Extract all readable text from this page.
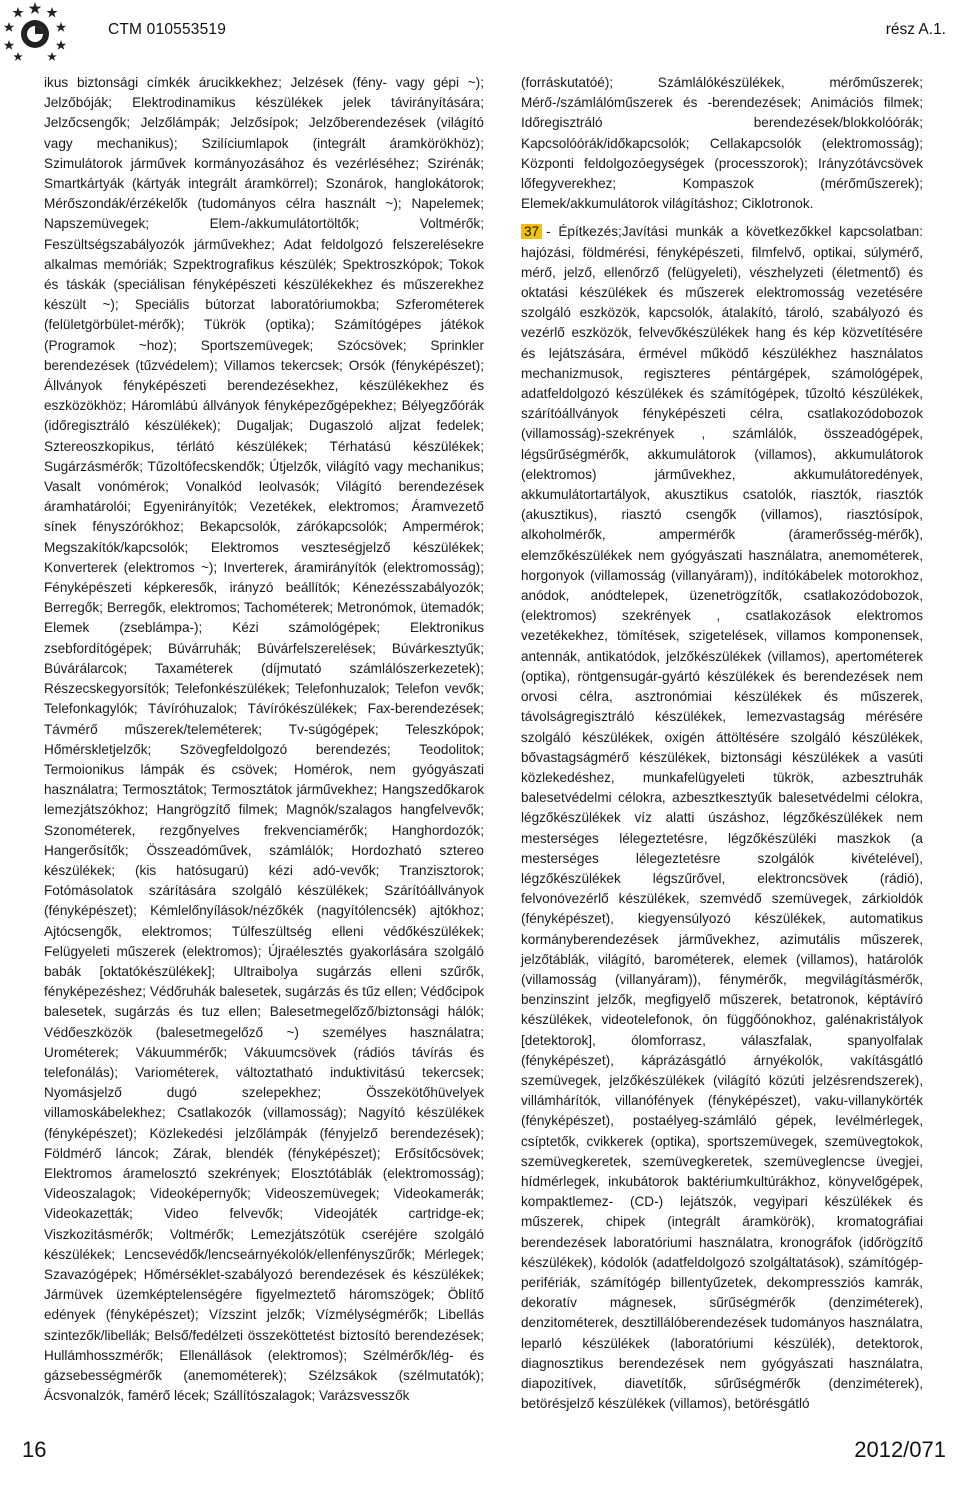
CTM 010553519	rész A.1.

ikus biztonsági címkék árucikkekhez; Jelzések (fény- vagy gépi ~); Jelzőbóják; Elektrodinamikus készülékek jelek távirányítására; Jelzőcsengők; Jelzőlámpák; Jelzősípok; Jelzőberendezések (világító vagy mechanikus); Szilíciumlapok (integrált áramkörökhöz); Szimulátorok járművek kormányozásához és vezérléséhez; Szirénák; Smartkártyák (kártyák integrált áramkörrel); Szonárok, hanglokátorok; Mérőszondák/érzékelők (tudományos célra használt ~); Napelemek; Napszemüvegek; Elem-/akkumulátortöltők; Voltmérők; Feszültségszabályozók járművekhez; Adat feldolgozó felszerelésekre alkalmas memóriák; Szpektrografikus készülék; Spektroszkópok; Tokok és táskák (speciálisan fényképészeti készülékekhez és műszerekhez készült ~); Speciális bútorzat laboratóriumokba; Szferométerek (felületgörbület-mérők); Tükrök (optika); Számítógépes játékok (Programok ~hoz); Sportszemüvegek; Szócsövek; Sprinkler berendezések (tűzvédelem); Villamos tekercsek; Orsók (fényképészet); Állványok fényképészeti berendezésekhez, készülékekhez és eszközökhöz; Háromlábú állványok fényképezőgépekhez; Bélyegzőórák (időregisztráló készülékek); Dugaljak; Dugaszoló aljzat fedelek; Sztereoszkopikus, térlátó készülékek; Térhatású készülékek; Sugárzásmérők; Tűzoltófecskendők; Útjelzők, világító vagy mechanikus; Vasalt vonómérok; Vonalkód leolvasók; Világító berendezések áramhatárolói; Egyenirányítók; Vezetékek, elektromos; Áramvezető sínek fényszórókhoz; Bekapcsolók, zárókapcsolók; Ampermérok; Megszakítók/kapcsolók; Elektromos veszteségjelző készülékek; Konverterek (elektromos ~); Inverterek, áramirányítók (elektromosság); Fényképészeti képkeresők, irányzó beállítók; Kénezésszabályozók; Berregők; Berregők, elektromos; Tachométerek; Metronómok, ütemadók; Elemek (zseblámpa-); Kézi számológépek; Elektronikus zsebfordítógépek; Búvárruhák; Búvárfelszerelések; Búvárkesztyűk; Búvárálarcok; Taxaméterek (díjmutató számlálószerkezetek); Részecskegyorsítók; Telefonkészülékek; Telefonhuzalok; Telefon vevők; Telefonkagylók; Távíróhuzalok; Távírókészülékek; Fax-berendezések; Távmérő műszerek/teleméterek; Tv-súgógépek; Teleszkópok; Hőmérskletjelzők; Szövegfeldolgozó berendezés; Teodolitok; Termoionikus lámpák és csövek; Homérok, nem gyógyászati használatra; Termosztátok; Termosztátok járművekhez; Hangszedőkarok lemezjátszókhoz; Hangrögzítő filmek; Magnók/szalagos hangfelvevők; Szonométerek, rezgőnyelves frekvenciamérők; Hanghordozók; Hangerősítők; Összeadóművek, számlálók; Hordozható sztereo készülékek; (kis hatósugarú) kézi adó-vevők; Tranzisztorok; Fotómásolatok szárítására szolgáló készülékek; Szárítóállványok (fényképészet); Kémlelőnyílások/nézőkék (nagyítólencsék) ajtókhoz; Ajtócsengők, elektromos; Túlfeszültség elleni védőkészülékek; Felügyeleti műszerek (elektromos); Újraélesztés gyakorlására szolgáló babák [oktatókészülékek]; Ultraibolya sugárzás elleni szűrők, fényképezéshez; Védőruhák balesetek, sugárzás és tűz ellen; Védőcipok balesetek, sugárzás és tuz ellen; Balesetmegelőző/biztonsági hálók; Védőeszközök (balesetmegelőző ~) személyes használatra; Urométerek; Vákuummérők; Vákuumcsövek (rádiós távírás és telefonálás); Variométerek, változtatható induktivitású tekercsek; Nyomásjelző dugó szelepekhez; Összekötőhüvelyek villamoskábelekhez; Csatlakozók (villamosság); Nagyító készülékek (fényképészet); Közlekedési jelzőlámpák (fényjelző berendezések); Földmérő láncok; Zárak, blendék (fényképészet); Erősítőcsövek; Elektromos áramelosztó szekrények; Elosztótáblák (elektromosság); Videoszalagok; Videoképernyők; Videoszemüvegek; Videokamerák; Videokazetták; Video felvevők; Videojáték cartridge-ek; Viszkozitásmérők; Voltmérők; Lemezjátszótük cseréjére szolgáló készülékek; Lencsevédők/lencseárnyékolók/ellenfényszűrők; Mérlegek; Szavazógépek; Hőmérséklet-szabályozó berendezések és készülékek; Jármüvek üzemképtelenségére figyelmeztető háromszögek; Öblítő edények (fényképészet); Vízszint jelzők; Vízmélységmérők; Libellás szintezők/libellák; Belső/fedélzeti összeköttetést biztosító berendezések; Hullámhosszmérők; Ellenállások (elektromos); Szélmérők/lég- és gázsebességmérők (anemométerek); Szélzsákok (szélmutatók); Ácsvonalzók, famérő lécek; Szállítószalagok; Varázsvesszők

(forráskutatóé); Számlálókészülékek, mérőműszerek; Mérő-/számlálóműszerek és -berendezések; Animációs filmek; Időregisztráló berendezések/blokkolóórák; Kapcsolóórák/időkapcsolók; Cellakapcsolók (elektromosság); Központi feldolgozóegységek (processzorok); Irányzótávcsövek lőfegyverekhez; Kompaszok (mérőműszerek); Elemek/akkumulátorok világításhoz; Ciklotronok.

37 - Építkezés;Javítási munkák a következőkkel kapcsolatban: hajózási, földmérési, fényképészeti, filmfelvő, optikai, súlymérő, mérő, jelző, ellenőrző (felügyeleti), vészhelyzeti (életmentő) és oktatási készülékek és műszerek elektromosság vezetésére szolgáló eszközök, kapcsolók, átalakító, tároló, szabályozó és vezérlő eszközök, felvevőkészülékek hang és kép közvetítésére és lejátszására, érmével működő készülékhez használatos mechanizmusok, regiszteres péntárgépek, számológépek, adatfeldolgozó készülékek és számítógépek, tűzoltó készülékek, szárítóállványok fényképészeti célra, csatlakozódobozok (villamosság)-szekrények , számlálók, összeadógépek, légsűrűségmérők, akkumulátorok (villamos), akkumulátorok (elektromos) járművekhez, akkumulátoredények, akkumulátortartályok, akusztikus csatolók, riasztók, riasztók (akusztikus), riasztó csengők (villamos), riasztósípok, alkoholmérők, ampermérők (áramerősség-mérők), elemzőkészülékek nem gyógyászati használatra, anemométerek, horgonyok (villamosság (villanyáram)), indítókábelek motorokhoz, anódok, anódtelepek, üzenetrögzítők, csatlakozódobozok, (elektromos) szekrények , csatlakozások elektromos vezetékekhez, tömítések, szigetelések, villamos komponensek, antennák, antikatódok, jelzőkészülékek (villamos), apertométerek (optika), röntgensugár-gyártó készülékek és berendezések nem orvosi célra, asztronómiai készülékek és műszerek, távolságregisztráló készülékek, lemezvastagság mérésére szolgáló készülékek, oxigén áttöltésére szolgáló készülékek, bővastagságmérő készülékek, biztonsági készülékek a vasúti közlekedéshez, munkafelügyeleti tükrök, azbesztruhák balesetvédelmi célokra, azbesztkesztyűk balesetvédelmi célokra, légzőkészülékek víz alatti úszáshoz, légzőkészülékek nem mesterséges lélegeztetésre, légzőkészüléki maszkok (a mesterséges lélegeztetésre szolgálók kivételével), légzőkészülékek légszűrővel, elektroncsövek (rádió), felvonóvezérlő készülékek, szemvédő szemüvegek, zárkioldók (fényképészet), kiegyensúlyozó készülékek, automatikus kormányberendezések járművekhez, azimutális műszerek, jelzőtáblák, világító, barométerek, elemek (villamos), határolók (villamosság (villanyáram)), fénymérők, megvilágításmérők, benzinszint jelzők, megfigyelő műszerek, betatronok, képtávíró készülékek, videotelefonok, ón függőónokhoz, galénakristályok [detektorok], ólomforrasz, válaszfalak, spanyolfalak (fényképészet), káprázásgátló árnyékolók, vakításgátló szemüvegek, jelzőkészülékek (világító közúti jelzésrendszerek), villámhárítók, villanófények (fényképészet), vaku-villanykörték (fényképészet), postaélyeg-számláló gépek, levélmérlegek, csíptetők, cvikkerek (optika), sportszemüvegek, szemüvegtokok, szemüvegkeretek, szemüvegkeretek, szemüveglencse üvegjei, hídmérlegek, inkubátorok baktériumkultúrákhoz, könyvelőgépek, kompaktlemez- (CD-) lejátszók, vegyipari készülékek és műszerek, chipek (integrált áramkörök), kromatográfiai berendezések laboratóriumi használatra, kronográfok (időrögzítő készülékek), kódolók (adatfeldolgozó szolgáltatások), számítógép-perifériák, számítógép billentyűzetek, dekompressziós kamrák, dekoratív mágnesek, sűrűségmérők (denziméterek), denzitométerek, desztillálóberendezések tudományos használatra, leparló készülékek (laboratóriumi készülék), detektorok, diagnosztikus berendezések nem gyógyászati használatra, diapozitívek, diavetítők, sűrűségmérők (denziméterek), betörésjelző készülékek (villamos), betörésgátló

16	2012/071
